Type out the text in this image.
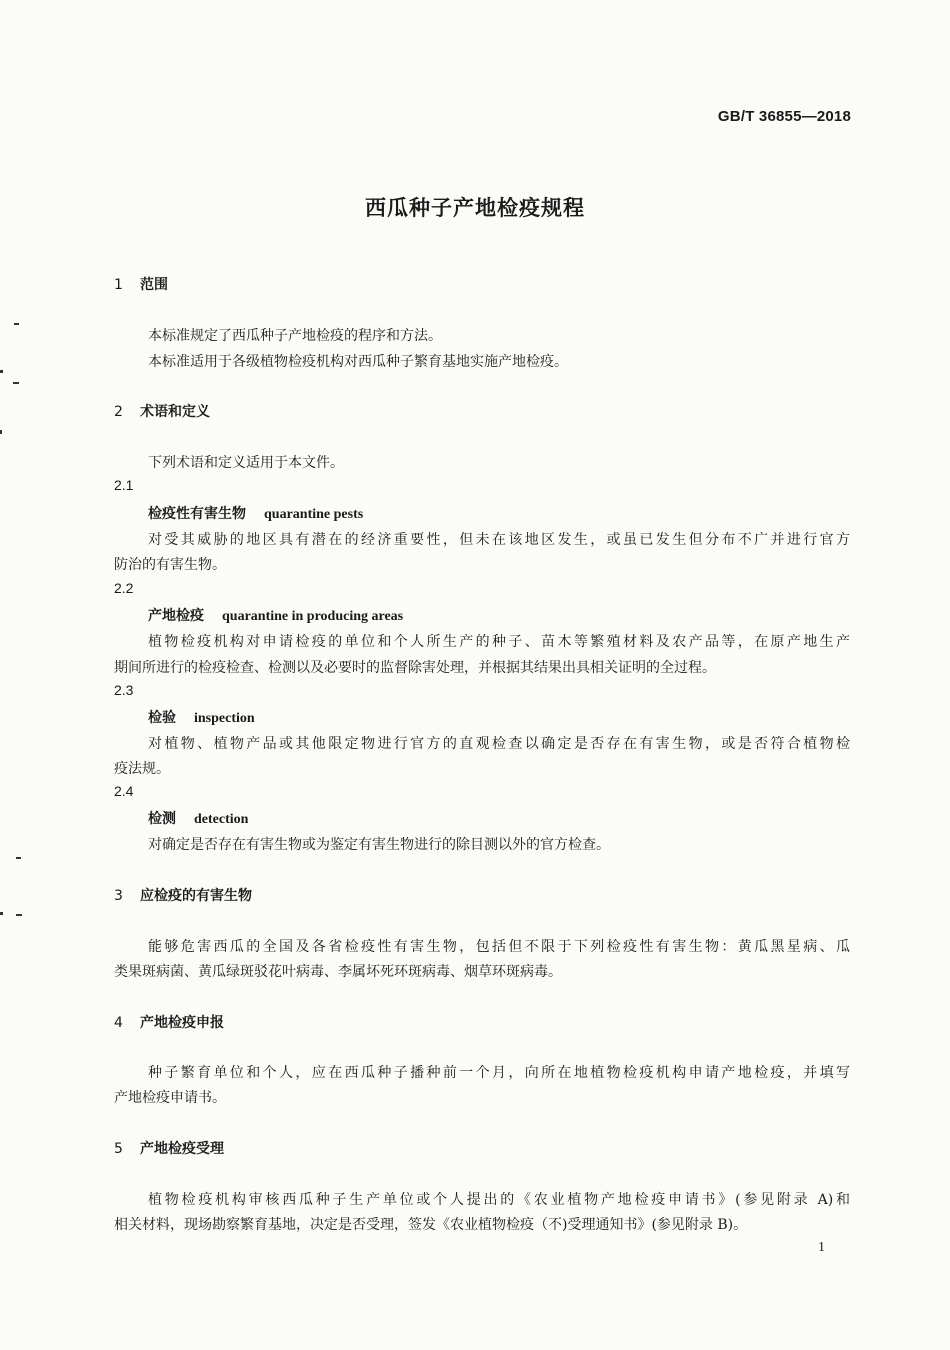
GB/T 36855—2018
西瓜种子产地检疫规程
1 范围
本标准规定了西瓜种子产地检疫的程序和方法。
本标准适用于各级植物检疫机构对西瓜种子繁育基地实施产地检疫。
2 术语和定义
下列术语和定义适用于本文件。
2.1
检疫性有害生物 quarantine pests
对受其威胁的地区具有潜在的经济重要性，但未在该地区发生，或虽已发生但分布不广并进行官方
防治的有害生物。
2.2
产地检疫 quarantine in producing areas
植物检疫机构对申请检疫的单位和个人所生产的种子、苗木等繁殖材料及农产品等，在原产地生产
期间所进行的检疫检查、检测以及必要时的监督除害处理，并根据其结果出具相关证明的全过程。
2.3
检验 inspection
对植物、植物产品或其他限定物进行官方的直观检查以确定是否存在有害生物，或是否符合植物检
疫法规。
2.4
检测 detection
对确定是否存在有害生物或为鉴定有害生物进行的除目测以外的官方检查。
3 应检疫的有害生物
能够危害西瓜的全国及各省检疫性有害生物，包括但不限于下列检疫性有害生物：黄瓜黑星病、瓜
类果斑病菌、黄瓜绿斑驳花叶病毒、李属坏死环斑病毒、烟草环斑病毒。
4 产地检疫申报
种子繁育单位和个人，应在西瓜种子播种前一个月，向所在地植物检疫机构申请产地检疫，并填写
产地检疫申请书。
5 产地检疫受理
植物检疫机构审核西瓜种子生产单位或个人提出的《农业植物产地检疫申请书》(参见附录 A)和
相关材料，现场勘察繁育基地，决定是否受理，签发《农业植物检疫（不)受理通知书》(参见附录 B)。
1
